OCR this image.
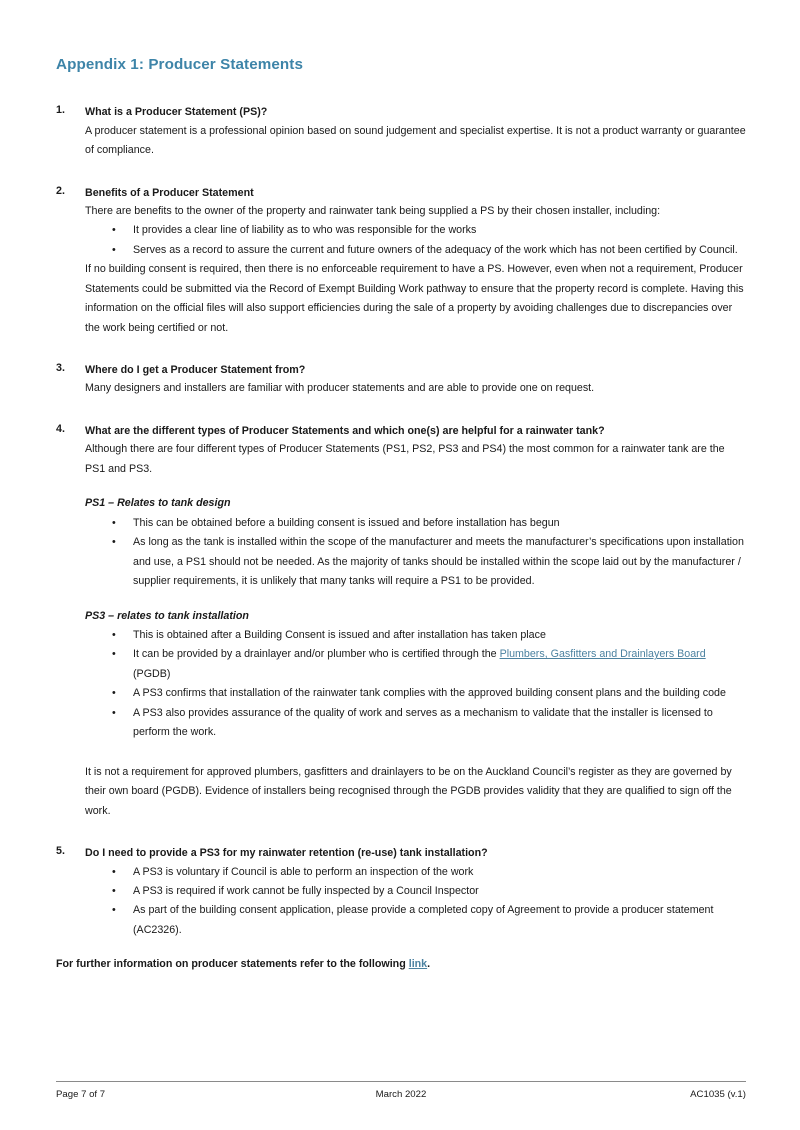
Appendix 1: Producer Statements
1. What is a Producer Statement (PS)?

A producer statement is a professional opinion based on sound judgement and specialist expertise. It is not a product warranty or guarantee of compliance.

2. Benefits of a Producer Statement

There are benefits to the owner of the property and rainwater tank being supplied a PS by their chosen installer, including:

• It provides a clear line of liability as to who was responsible for the works
• Serves as a record to assure the current and future owners of the adequacy of the work which has not been certified by Council.

If no building consent is required, then there is no enforceable requirement to have a PS. However, even when not a requirement, Producer Statements could be submitted via the Record of Exempt Building Work pathway to ensure that the property record is complete. Having this information on the official files will also support efficiencies during the sale of a property by avoiding challenges due to discrepancies over the work being certified or not.

3. Where do I get a Producer Statement from?

Many designers and installers are familiar with producer statements and are able to provide one on request.

4. What are the different types of Producer Statements and which one(s) are helpful for a rainwater tank?

Although there are four different types of Producer Statements (PS1, PS2, PS3 and PS4) the most common for a rainwater tank are the PS1 and PS3.

PS1 – Relates to tank design

• This can be obtained before a building consent is issued and before installation has begun
• As long as the tank is installed within the scope of the manufacturer and meets the manufacturer’s specifications upon installation and use, a PS1 should not be needed. As the majority of tanks should be installed within the scope laid out by the manufacturer / supplier requirements, it is unlikely that many tanks will require a PS1 to be provided.

PS3 – relates to tank installation

• This is obtained after a Building Consent is issued and after installation has taken place
• It can be provided by a drainlayer and/or plumber who is certified through the Plumbers, Gasfitters and Drainlayers Board (PGDB)
• A PS3 confirms that installation of the rainwater tank complies with the approved building consent plans and the building code
• A PS3 also provides assurance of the quality of work and serves as a mechanism to validate that the installer is licensed to perform the work.

It is not a requirement for approved plumbers, gasfitters and drainlayers to be on the Auckland Council’s register as they are governed by their own board (PGDB). Evidence of installers being recognised through the PGDB provides validity that they are qualified to sign off the work.

5. Do I need to provide a PS3 for my rainwater retention (re-use) tank installation?

• A PS3 is voluntary if Council is able to perform an inspection of the work
• A PS3 is required if work cannot be fully inspected by a Council Inspector
• As part of the building consent application, please provide a completed copy of Agreement to provide a producer statement (AC2326).

For further information on producer statements refer to the following link.

Page 7 of 7	March 2022	AC1035 (v.1)
